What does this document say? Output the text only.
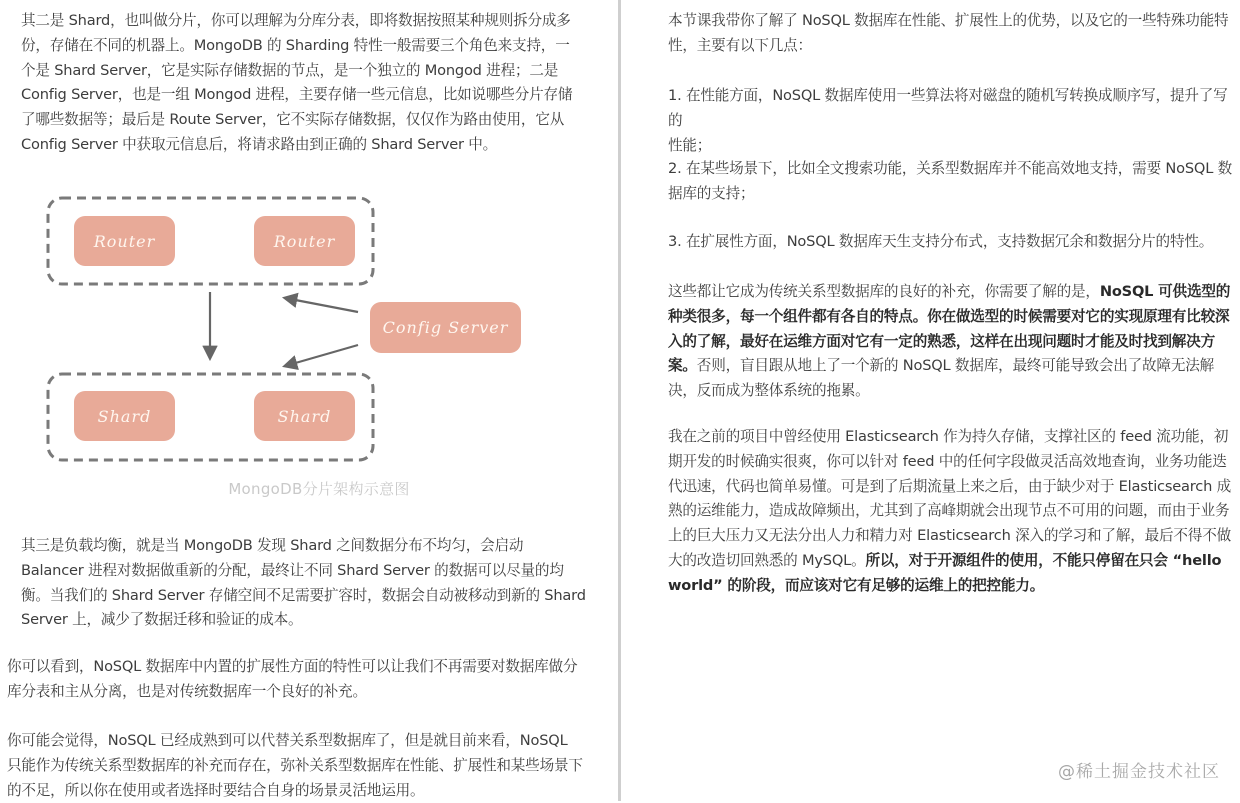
其二是 Shard，也叫做分片，你可以理解为分库分表，即将数据按照某种规则拆分成多
份，存储在不同的机器上。MongoDB 的 Sharding 特性一般需要三个角色来支持，一
个是 Shard Server，它是实际存储数据的节点，是一个独立的 Mongod 进程；二是
Config Server，也是一组 Mongod 进程，主要存储一些元信息，比如说哪些分片存储
了哪些数据等；最后是 Route Server，它不实际存储数据，仅仅作为路由使用，它从
Config Server 中获取元信息后，将请求路由到正确的 Shard Server 中。

Router	Router
Config Server
Shard	Shard
MongoDB分片架构示意图

其三是负载均衡，就是当 MongoDB 发现 Shard 之间数据分布不均匀，会启动
Balancer 进程对数据做重新的分配，最终让不同 Shard Server 的数据可以尽量的均
衡。当我们的 Shard Server 存储空间不足需要扩容时，数据会自动被移动到新的 Shard
Server 上，减少了数据迁移和验证的成本。

你可以看到，NoSQL 数据库中内置的扩展性方面的特性可以让我们不再需要对数据库做分
库分表和主从分离，也是对传统数据库一个良好的补充。

你可能会觉得，NoSQL 已经成熟到可以代替关系型数据库了，但是就目前来看，NoSQL
只能作为传统关系型数据库的补充而存在，弥补关系型数据库在性能、扩展性和某些场景下
的不足，所以你在使用或者选择时要结合自身的场景灵活地运用。

本节课我带你了解了 NoSQL 数据库在性能、扩展性上的优势，以及它的一些特殊功能特
性，主要有以下几点：

1. 在性能方面，NoSQL 数据库使用一些算法将对磁盘的随机写转换成顺序写，提升了写的
性能；

2. 在某些场景下，比如全文搜索功能，关系型数据库并不能高效地支持，需要 NoSQL 数
据库的支持；

3. 在扩展性方面，NoSQL 数据库天生支持分布式，支持数据冗余和数据分片的特性。

这些都让它成为传统关系型数据库的良好的补充，你需要了解的是，NoSQL 可供选型的种类很多，每一个组件都有各自的特点。你在做选型的时候需要对它的实现原理有比较深入的了解，最好在运维方面对它有一定的熟悉，这样在出现问题时才能及时找到解决方案。否则，盲目跟从地上了一个新的 NoSQL 数据库，最终可能导致会出了故障无法解决，反而成为整体系统的拖累。

我在之前的项目中曾经使用 Elasticsearch 作为持久存储，支撑社区的 feed 流功能，初期开发的时候确实很爽，你可以针对 feed 中的任何字段做灵活高效地查询，业务功能迭代迅速，代码也简单易懂。可是到了后期流量上来之后，由于缺少对于 Elasticsearch 成熟的运维能力，造成故障频出，尤其到了高峰期就会出现节点不可用的问题，而由于业务上的巨大压力又无法分出人力和精力对 Elasticsearch 深入的学习和了解，最后不得不做大的改造切回熟悉的 MySQL。所以，对于开源组件的使用，不能只停留在只会 “hello world” 的阶段，而应该对它有足够的运维上的把控能力。

@稀土掘金技术社区
